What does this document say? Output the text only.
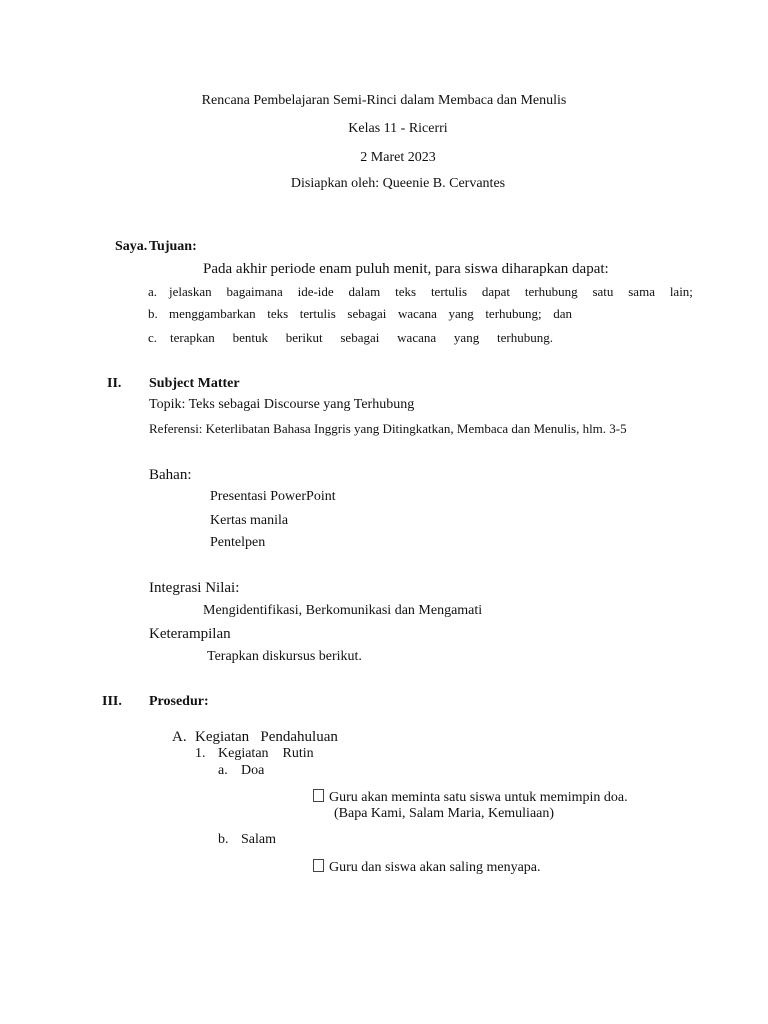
Rencana Pembelajaran Semi-Rinci dalam Membaca dan Menulis
Kelas 11 - Ricerri
2 Maret 2023
Disiapkan oleh: Queenie B. Cervantes
Saya. Tujuan:
Pada akhir periode enam puluh menit, para siswa diharapkan dapat:
a. jelaskan bagaimana ide-ide dalam teks tertulis dapat terhubung satu sama lain;
b. menggambarkan teks tertulis sebagai wacana yang terhubung; dan
c. terapkan bentuk berikut sebagai wacana yang terhubung.
II. Subject Matter
Topik: Teks sebagai Discourse yang Terhubung
Referensi: Keterlibatan Bahasa Inggris yang Ditingkatkan, Membaca dan Menulis, hlm. 3-5
Bahan:
Presentasi PowerPoint
Kertas manila
Pentelpen
Integrasi Nilai:
Mengidentifikasi, Berkomunikasi dan Mengamati
Keterampilan
Terapkan diskursus berikut.
III. Prosedur:
A. Kegiatan   Pendahuluan
1. Kegiatan    Rutin
a. Doa
Guru akan meminta satu siswa untuk memimpin doa.
(Bapa Kami, Salam Maria, Kemuliaan)
b. Salam
Guru dan siswa akan saling menyapa.
